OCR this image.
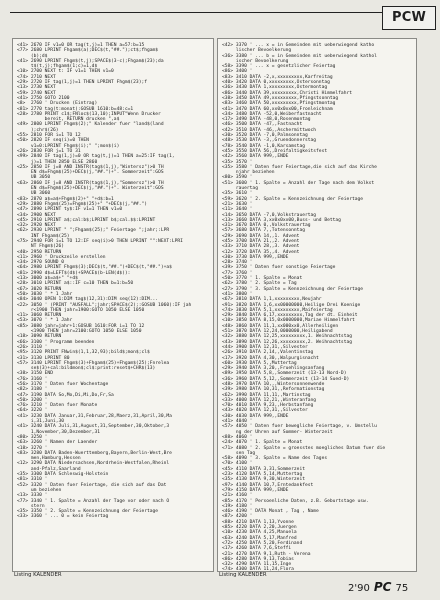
PCW
<41> 2670 IF v1=0 OR tag(t,j)=1 THEN a=57:b=15
<77> 2680 LPRINT Fhgam$(a);DEC$(t,"##.");ct$;fhgam$
(b);d$
<41> 2690 LPRINT Fhgm$(t,j);SPACE$(3-c);Fhgam$(23);da
t$(t,j);fhgam$(1;c)=1,d$
<10> 2700 NEXT t: IF v1=1 THEN v1=0
<74> 2710 NEXT
<29> 2720 IF tag(1,j)=1 THEN LPRINT Fhgm$(23);f
<13> 2730 NEXT
<59> 2740 NEXT
<41> 2750 GOTO 2100
<8>  2760 ' Drucken (Eintrag)
<81> 2770 tag(t:monat):GOSUB 1610:b=48:c=1
<28> 2780 PRINT c1$;FNloc$(13,10);INPUT"Wenn Drucker
bereit, RETURN drucken ",a$
<49> 2800 LPRINT Fhgm$(2);" Kalender fuer "land$(land
);chr$(26)
<55> 2810 FOR i=1 TO 12
<50> 2820 IF seq(i)=0 THEN
v1=0:LPRINT Fhgm$(i);" ";mon$(i)
<26> 2830 FOR j=1 TO 31
<99> 2840 IF tag(1,j)=0 OR tag(t,j)=1 THEN a=25:IF tag(1,
j)=1 THEN 2850 ELSE 2860
<25> 2850 IF j=8 AND INSTR(tag$(1,j),"Wintersz")>0 TH
EN d$=Fhgm$(25)+DEC$(j,"##.")+". Sommerzeit":GOS
UB 3050
<63> 2860 IF j=8 AND INSTR(tag$(1,j),"Sommersz")>0 TH
EN d$=Fhgm$(25)+DEC$(j,"##.")+". Winterzeit":GOS
UB 3060
<83> 2870 a$=a$+Fhgm$(2)+" "+d$:b=1
<29> 2880 Fhgm$(25)=Fhgm$(25)+" "+DEC$(j,"##.")
<47> 2890 LPRINT ty$:IF v1=1 THEN v1=0
<34> 2900 NEXT
<45> 2910 LPRINT a$;cal:b$;LPRINT b$;cal.$$:LPRINT
<32> 2920 NEXT
<62> 2930 LPRINT " ";Fhgam$(25);" Feiertage ";jahr;:LPR
INT Fhgam$(25)
<75> 2940 FOR i=1 TO 12:IF seq(i)>0 THEN LPRINT "":NEXT:LPRI
NT Fhgm$(26)
<40> 2950 RETURN
<11> 2960 ' Druckzeile erstellen
<34> 2970 SOUND 0
<64> 2980 LPRINT Fhgm$(3);DEC$(t,"##.")+DEC$(t,"##.")+a$
<81> 2990 d$=LEFT$(d$)+SPACE$(b-LEN(d$)):
<13> 3000 a$=a$+" "+d$
<28> 3010 LPRINT a$::IF c=10 THEN b=1:b=50
<67> 3020 RETURN
<50> 3030 ' * 1 Jahr
<84> 3040 OPEN 1:DIM tag$(12,31):DIM seq(12):DIM...
<22> 3050 ' (PRINT "AUSFALL";jahr;SPACE$(2);:GOSUB 1060):IF jah
r<1900 THEN jahr=1900:GOTO 1050 ELSE 1050
<11> 3060 RETURN
<53> 3070 ' * 1 Jahr
<85> 3080 jahr=jahr+1:GOSUB 1610:FOR i=1 TO 12
<1900 THEN jahr=2100:GOTO 1050 ELSE 1050
<18> 3090 RETURN
<66> 3100 ' Programm beenden
<26> 3110 '
<95> 3120 PRINT FNwin$(1,1,32,93);bild$;mon$;cl$
<31> 3130 LPRINT 80
<57> 3140 LPRINT Fhgm$(3)+Fhgam$(25)+Fhgam$(25);Fnrelea
se$(3)+cal:bildmon$;cl$:print:reset$+CHR$(13)
<38> 3150 END
<76> 3160 '
<56> 3170 ' Daten fuer Wochentage
<82> 3180 '
<47> 3190 DATA So,Mo,Di,Mi,Do,Fr,Sa
<50> 3200 '
<76> 3210 ' Daten fuer Monate
<64> 3220 '
<41> 3230 DATA Januar,31,Februar,28,Maerz,31,April,30,Ma
i,31,Juni,30
<41> 3240 DATA Juli,31,August,31,September,30,Oktober,3
1,November,30,Dezember,31
<80> 3250 '
<63> 3260 ' Namen der Laender
<18> 3270 '
<83> 3280 DATA Baden-Wuerttemberg,Bayern,Berlin-West,Bre
men,Hamburg,Hessen
<12> 3290 DATA Niedersachsen,Nordrhein-Westfalen,Rheinl
and-Pfalz,Saarland
<35> 3300 DATA Schleswig-Holstein
<81> 3310 '
<52> 3320 ' Daten fuer Feiertage, die sich auf das Dat
um beziehen
<13> 3330 '
<77> 3340 ' 1. Spalte = Anzahl der Tage vor oder nach O
stern
<35> 3350 ' 2. Spalte = Kennzeichnung der Feiertage
<33> 3360 ' ... 0 = kein Feiertag

<42> 3370 ' ... x = in Gemeinden mit ueberwiegend katho
lischer Bevoelkerung
<36> 3380 ' ... b = in Gemeinden mit ueberwiegend kathol
ischer Bevoelkerung
<58> 3390 ' ... x = gesetzlicher Feiertag
<86> 3400 '
<83> 3410 DATA -2,x,xxxxxxxxx,Karfreitag
<40> 3420 DATA 0,xxxxxxxxx,Ostersonntag
<36> 3430 DATA 1,xxxxxxxxx,Ostermontag
<86> 3440 DATA 39,xxxxxxxxx,Christi Himmelfahrt
<38> 3450 DATA 49,xxxxxxxxx,Pfingstsonntag
<83> 3460 DATA 50,xxxxxxxxx,Pfingstmontag
<41> 3470 DATA 60,xx0x0xx00,Fronleichnam
<34> 3480 DATA -52,0,Weiberfastnacht
<17> 3490 DATA -48,0,Rosenmontag
<46> 3500 DATA -47,,Fastnacht
<42> 3510 DATA -46,,Aschermittwoch
<30> 3520 DATA -7,0,Palmsonntag
<48> 3530 DATA -3,,Gruendonnerstag
<78> 3540 DATA -1,0,Karsamstag
<45> 3550 DATA 56,,Dreifaltigkeitsfest
<42> 3560 DATA 999,,ENDE
<35> 3570 '
<35> 3580 ' Daten fuer Feiertage,die sich auf das Kirche
njahr beziehen
<80> 3590 '
<51> 3600 ' 1. Spalte = Anzahl der Tage nach dem Volkst
rauertag
<35> 3610 '
<59> 3620 ' 2. Spalte = Kennzeichnung der Feiertage
<21> 3630 '
<11> 3640 '
<14> 3650 DATA -7,0,Volkstrauertag
<13> 3660 DATA 3,xx0x0xx00,Buss- und Bettag
<31> 3670 DATA 0,,Volkstrauertag
<57> 3680 DATA 7,,Totensonntag
<29> 3690 DATA 14,,1. Advent
<45> 3700 DATA 21,,2. Advent
<33> 3710 DATA 28,,3. Advent
<12> 3720 DATA 35,,4. Advent
<30> 3730 DATA 999,,ENDE
<28> 3740 '
<39> 3750 ' Daten fuer sonstige Feiertage
<77> 3760 '
<50> 3770 ' 1. Spalte = Monat
<62> 3780 ' 2. Spalte = Tag
<27> 3790 ' 3. Spalte = Kennzeichnung der Feiertage
<41> 3800 '
<67> 3810 DATA 1,1,xxxxxxxxx,Neujahr
<91> 3820 DATA 1,6,xx00000000,Heilige Drei Koenige
<74> 3830 DATA 5,1,xxxxxxxxx,Maifeiertag
<29> 3840 DATA 6,17,xxxxxxxxx,Tag der dt. Einheit
<10> 3850 DATA 8,15,0x0000000,Mariae Himmelfahrt
<48> 3860 DATA 11,1,xx000xx0,Allerheiligen
<51> 3870 DATA 12,24,0000000,Heiligabend
<32> 3880 DATA 12,25,xxxxxxxxx,1. Weihnachtstag
<43> 3890 DATA 12,26,xxxxxxxxx,2. Weihnachtstag
<44> 3900 DATA 12,31,,Silvester
<26> 3910 DATA 2,14,,Valentinstag
<17> 3920 DATA 4,30,,Walpurgisnacht
<60> 3930 DATA 5,,Muttertag
<29> 3940 DATA 3,20,,Fruehlingsanfang
<89> 3950 DATA 5,8,,Sommerzeit (13-13 Nord-D)
<36> 3960 DATA 5,12,,Sommerzeit (13-14 Sued-D)
<48> 3970 DATA 10,,,Wintersonnenwende
<39> 3980 DATA 10,31,,Reformationstag
<62> 3990 DATA 11,11,,Martinstag
<33> 4000 DATA 12,21,,Winteranfang
<70> 4010 DATA 9,23,,Herbstanfang
<43> 4020 DATA 12,31,,Silvester
<30> 4030 DATA 999,,ENDE
<41> 4040 '
<57> 4050 ' Daten fuer bewegliche Feiertage, v. Umstellu
ng der Uhren auf Sommer- Winterzeit
<88> 4060 '
<24> 4070 ' 1. Spalte = Monat
<71> 4080 ' 2. Spalte = groesstes moegliches Datum fuer die
sen Tag
<58> 4090 ' 3. Spalte = Name des Tages
<70> 4100 '
<45> 4110 DATA 3,31,Sommerzeit
<23> 4120 DATA 5,14,Muttertag
<35> 4130 DATA 9,30,Winterzeit
<97> 4140 DATA 10,7,Erntedankfest
<79> 4150 DATA 999,,ENDE
<21> 4160 '
<85> 4170 ' Persoenliche Daten, z.B. Geburtstage usw.
<19> 4180 '
<46> 4190 ' DATA Monat , Tag , Name
<87> 4200 '
<88> 4210 DATA 1,13,Yvonne
<85> 4220 DATA 2,20,Juergen
<10> 4230 DATA 4,25,Manuela
<63> 4240 DATA 5,17,Manfred
<72> 4250 DATA 5,20,Ferdinand
<17> 4260 DATA 7,6,Steffi
<21> 4270 DATA 9,1,Ruth - Verena
<86> 4280 DATA 9,13,Tobias
<32> 4290 DATA 11,15,Inge
<74> 4300 DATA 11,24,Flora

Listing KALENDER	Listing KALENDER
2'90 PC 75
